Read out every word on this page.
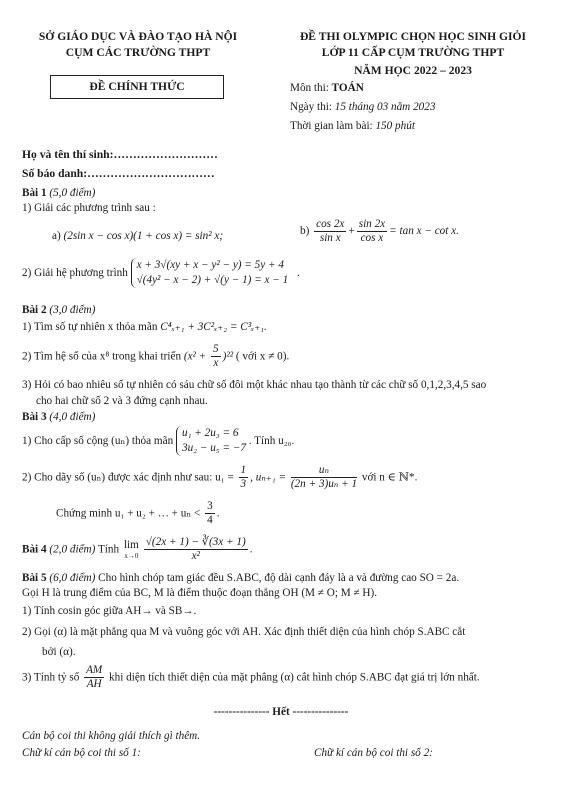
SỞ GIÁO DỤC VÀ ĐÀO TẠO HÀ NỘI
CỤM CÁC TRƯỜNG THPT
ĐỀ CHÍNH THỨC
ĐỀ THI OLYMPIC CHỌN HỌC SINH GIỎI
LỚP 11 CẤP CỤM TRƯỜNG THPT
NĂM HỌC 2022 – 2023
Môn thi: TOÁN
Ngày thi: 15 tháng 03 năm 2023
Thời gian làm bài: 150 phút
Họ và tên thí sinh:………………………
Số báo danh:……………………………
Bài 1 (5,0 điểm)
1) Giải các phương trình sau :
a) (2sin x − cos x)(1 + cos x) = sin² x;	$b) \frac{\cos 2x}{\text{sin x}} + \frac{\sin 2x}{\text{cos x}} = \tan x - \cot x$.
2) Giải hệ phương trình
x + 3√(xy + x − y² − y) = 5y + 4
√(4y² − x − 2) + √(y − 1) = x − 1
.
Bài 2 (3,0 điểm)
1) Tìm số tự nhiên x thỏa mãn C⁴ₓ₊₁ + 3C²ₓ₊₂ = C³ₓ₊₁.
2) Tìm hệ số của x⁸ trong khai triển $(x^2 + \frac{5}{x} )^{22}$ ( với x ≠ 0).
3) Hỏi có bao nhiêu số tự nhiên có sáu chữ số đôi một khác nhau tạo thành từ các chữ số 0,1,2,3,4,5 sao
cho hai chữ số 2 và 3 đứng cạnh nhau.
Bài 3 (4,0 điểm)
1) Cho cấp số cộng (uₙ) thỏa mãn
u₁ + 2u₃ = 6
3u₂ − u₅ = −7
. Tính u₂₀.
2) Cho dãy số (uₙ) được xác định như sau: $u_1 = \frac{1}{3}$ , $u_{n+1} = \frac{\text{uₙ}}{\text{(2n + 3)uₙ + 1}}$ với n ∈ ℕ*.
Chứng minh u₁ + u₂ + … + $u_n < \frac{3}{4}$ .
Bài 4 (2,0 điểm) Tính lim
$x\to 0 \frac{√(2x + 1) - ∛(3x + 1)}{\text{x²}}$ .
Bài 5 (6,0 điểm) Cho hình chóp tam giác đều S.ABC, độ dài cạnh đáy là a và đường cao SO = 2a.
Gọi H là trung điểm của BC, M là điểm thuộc đoạn thẳng OH (M ≠ O; M ≠ H).
1) Tính cosin góc giữa AH→ và SB→.
2) Gọi (α) là mặt phẳng qua M và vuông góc với AH. Xác định thiết diện của hình chóp S.ABC cắt
bởi (α).
3) Tính tỷ số $\frac{AM}{AH}$ khi diện tích thiết diện của mặt phẳng (α) cắt hình chóp S.ABC đạt giá trị lớn nhất.
--------------- Hết ---------------
Cán bộ coi thi không giải thích gì thêm.
Chữ kí cán bộ coi thi số 1:	Chữ kí cán bộ coi thi số 2:
